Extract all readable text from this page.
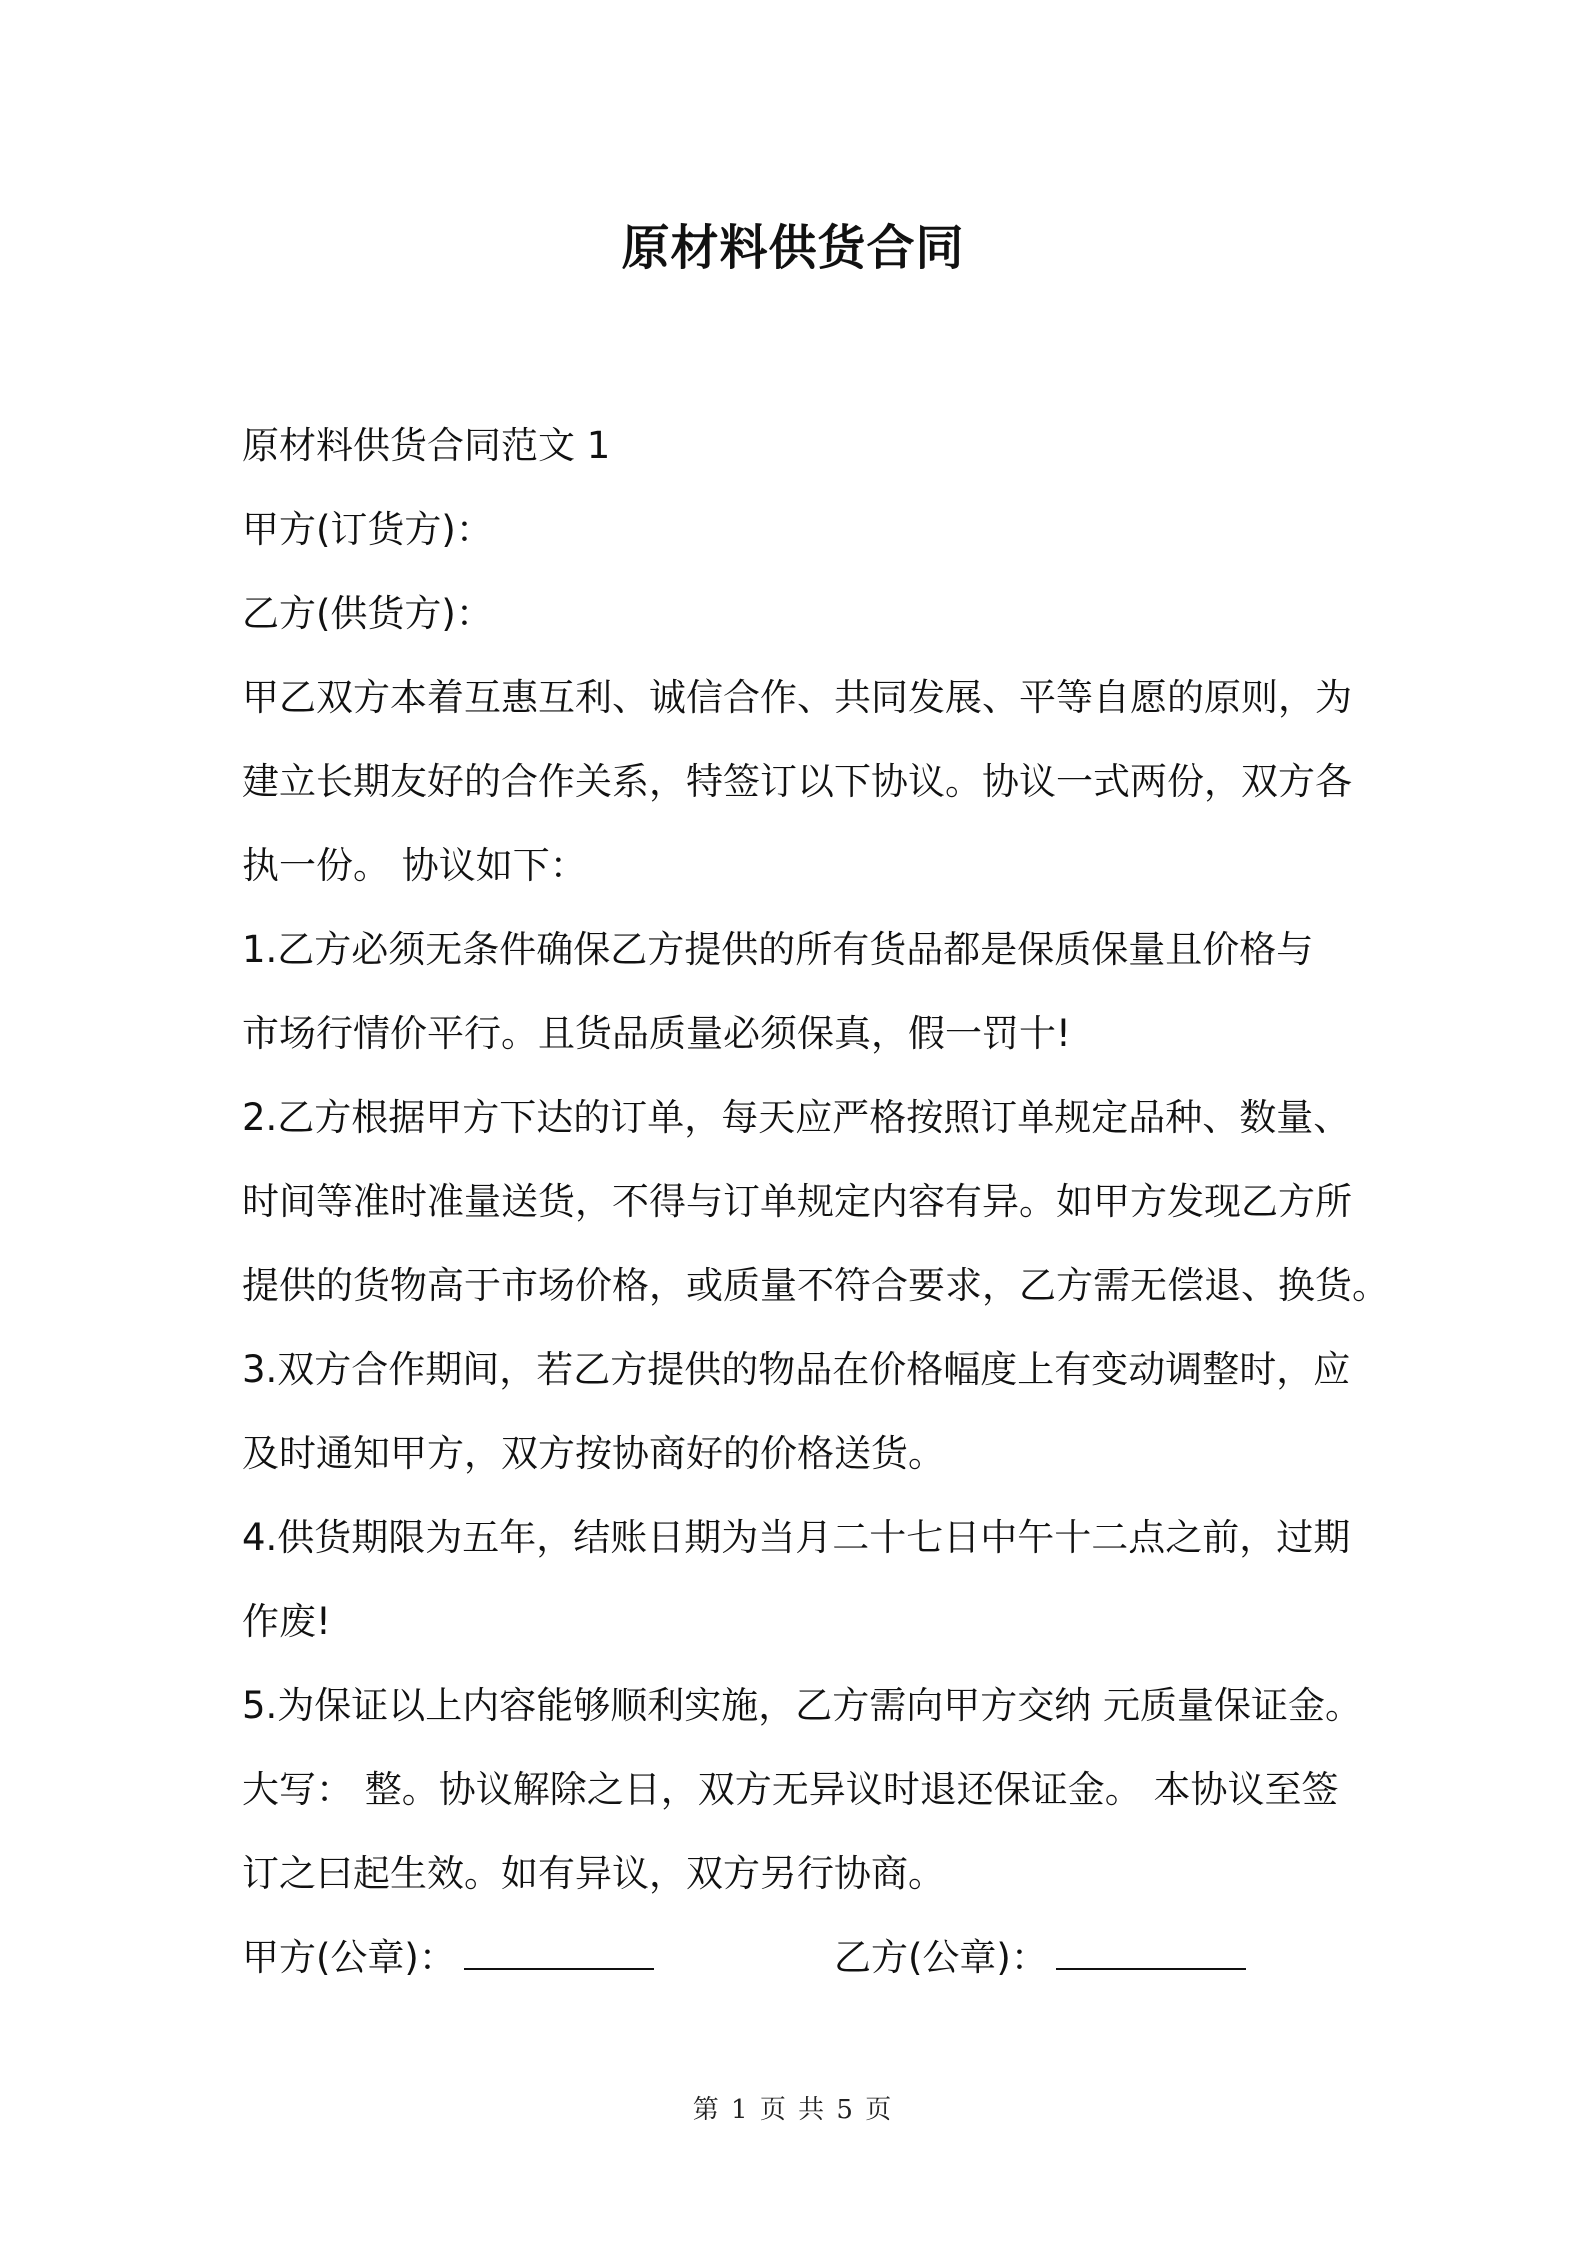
原材料供货合同
原材料供货合同范文 1
甲方(订货方)：
乙方(供货方)：
甲乙双方本着互惠互利、诚信合作、共同发展、平等自愿的原则，为
建立长期友好的合作关系，特签订以下协议。协议一式两份，双方各
执一份。 协议如下：
1.乙方必须无条件确保乙方提供的所有货品都是保质保量且价格与
市场行情价平行。且货品质量必须保真，假一罚十!
2.乙方根据甲方下达的订单，每天应严格按照订单规定品种、数量、
时间等准时准量送货，不得与订单规定内容有异。如甲方发现乙方所
提供的货物高于市场价格，或质量不符合要求，乙方需无偿退、换货。
3.双方合作期间，若乙方提供的物品在价格幅度上有变动调整时，应
及时通知甲方，双方按协商好的价格送货。
4.供货期限为五年，结账日期为当月二十七日中午十二点之前，过期
作废!
5.为保证以上内容能够顺利实施，乙方需向甲方交纳 元质量保证金。
大写： 整。协议解除之日，双方无异议时退还保证金。 本协议至签
订之曰起生效。如有异议，双方另行协商。
甲方(公章)：	乙方(公章)：
第 1 页 共 5 页
